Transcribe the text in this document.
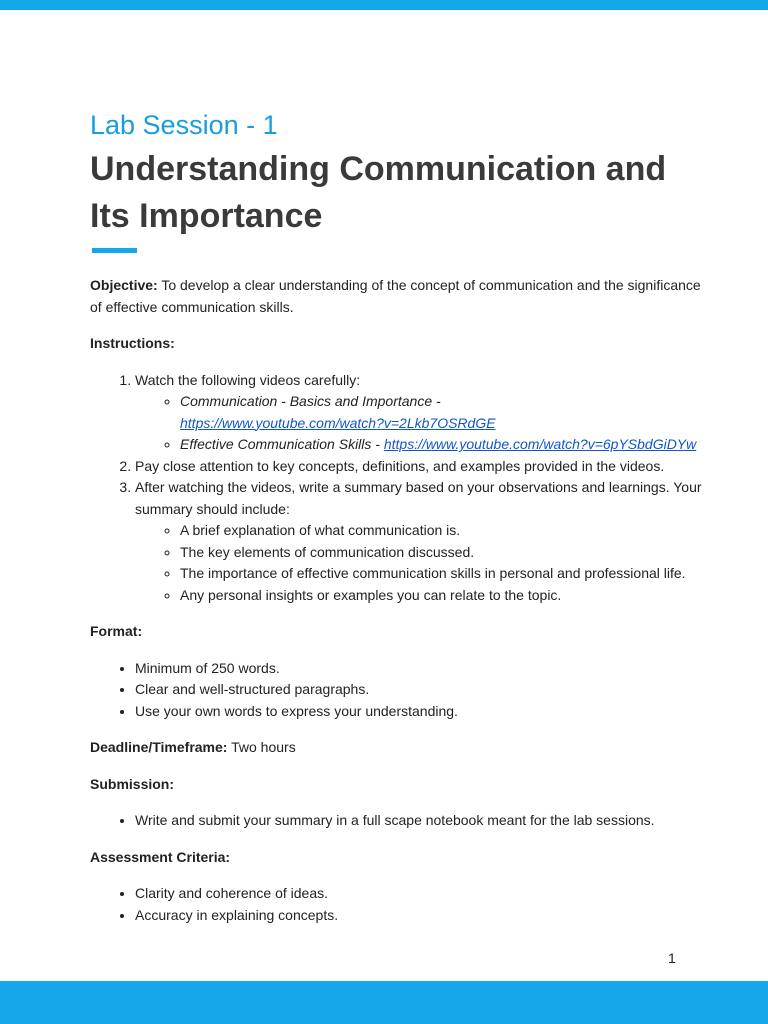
Lab Session - 1
Understanding Communication and Its Importance

Objective: To develop a clear understanding of the concept of communication and the significance of effective communication skills.

Instructions:

1. Watch the following videos carefully:
◦ Communication - Basics and Importance -
https://www.youtube.com/watch?v=2Lkb7OSRdGE
◦ Effective Communication Skills - https://www.youtube.com/watch?v=6pYSbdGiDYw
2. Pay close attention to key concepts, definitions, and examples provided in the videos.
3. After watching the videos, write a summary based on your observations and learnings. Your summary should include:
◦ A brief explanation of what communication is.
◦ The key elements of communication discussed.
◦ The importance of effective communication skills in personal and professional life.
◦ Any personal insights or examples you can relate to the topic.

Format:

• Minimum of 250 words.
• Clear and well-structured paragraphs.
• Use your own words to express your understanding.

Deadline/Timeframe: Two hours

Submission:

• Write and submit your summary in a full scape notebook meant for the lab sessions.

Assessment Criteria:

• Clarity and coherence of ideas.
• Accuracy in explaining concepts.
1
